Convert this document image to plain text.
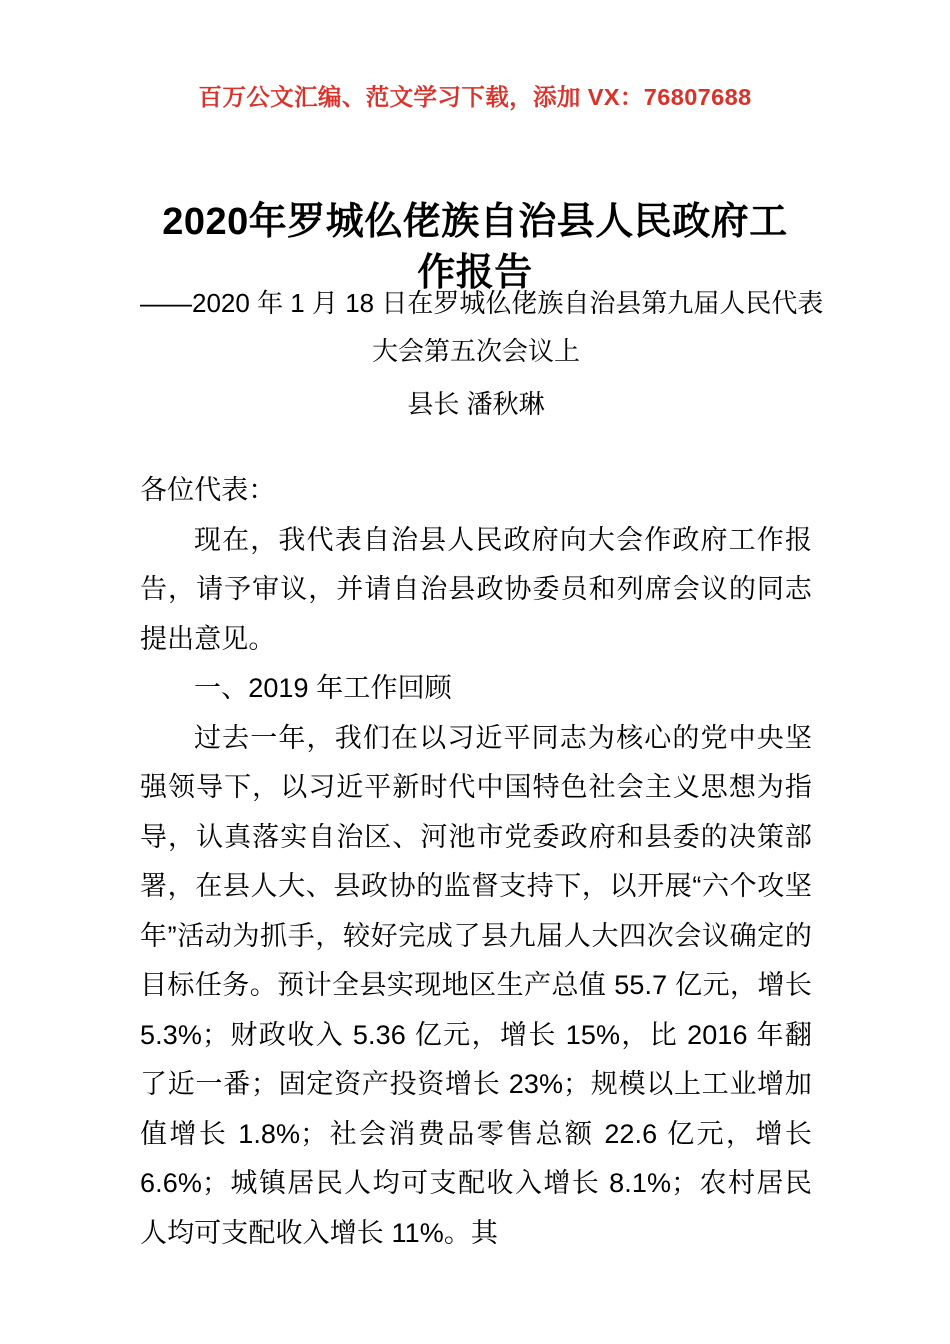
百万公文汇编、范文学习下载，添加 VX：76807688
2020年罗城仫佬族自治县人民政府工作报告
——2020 年 1 月 18 日在罗城仫佬族自治县第九届人民代表
大会第五次会议上
县长 潘秋琳

各位代表：

现在，我代表自治县人民政府向大会作政府工作报告，请予审议，并请自治县政协委员和列席会议的同志提出意见。

一、2019 年工作回顾

过去一年，我们在以习近平同志为核心的党中央坚强领导下，以习近平新时代中国特色社会主义思想为指导，认真落实自治区、河池市党委政府和县委的决策部署，在县人大、县政协的监督支持下，以开展“六个攻坚年”活动为抓手，较好完成了县九届人大四次会议确定的目标任务。预计全县实现地区生产总值 55.7 亿元，增长 5.3%；财政收入 5.36 亿元，增长 15%，比 2016 年翻了近一番；固定资产投资增长 23%；规模以上工业增加值增长 1.8%；社会消费品零售总额 22.6 亿元，增长 6.6%；城镇居民人均可支配收入增长 8.1%；农村居民人均可支配收入增长 11%。其
